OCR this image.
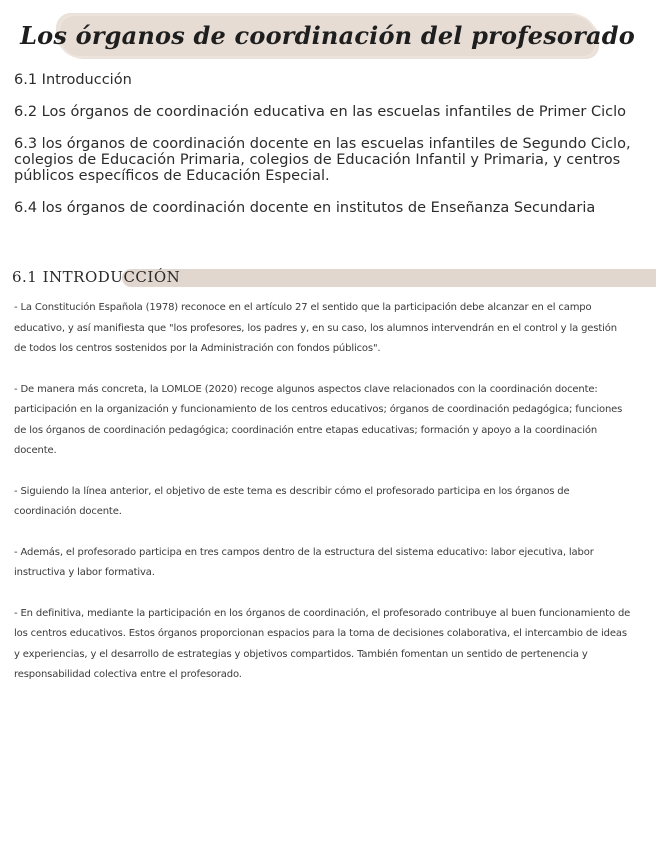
Los órganos de coordinación del profesorado
6.1 Introducción
6.2 Los órganos de coordinación educativa en las escuelas infantiles de Primer Ciclo
6.3 los órganos de coordinación docente en las escuelas infantiles de Segundo Ciclo, colegios de Educación Primaria, colegios de Educación Infantil y Primaria, y centros públicos específicos de Educación Especial.
6.4 los órganos de coordinación docente en institutos de Enseñanza Secundaria
6.1 INTRODUCCIÓN

- La Constitución Española (1978) reconoce en el artículo 27 el sentido que la participación debe alcanzar en el campo educativo, y así manifiesta que "los profesores, los padres y, en su caso, los alumnos intervendrán en el control y la gestión de todos los centros sostenidos por la Administración con fondos públicos".

- De manera más concreta, la LOMLOE (2020) recoge algunos aspectos clave relacionados con la coordinación docente: participación en la organización y funcionamiento de los centros educativos; órganos de coordinación pedagógica; funciones de los órganos de coordinación pedagógica; coordinación entre etapas educativas; formación y apoyo a la coordinación docente.

- Siguiendo la línea anterior, el objetivo de este tema es describir cómo el profesorado participa en los órganos de coordinación docente.

- Además, el profesorado participa en tres campos dentro de la estructura del sistema educativo: labor ejecutiva, labor instructiva y labor formativa.

- En definitiva, mediante la participación en los órganos de coordinación, el profesorado contribuye al buen funcionamiento de los centros educativos. Estos órganos proporcionan espacios para la toma de decisiones colaborativa, el intercambio de ideas y experiencias, y el desarrollo de estrategias y objetivos compartidos. También fomentan un sentido de pertenencia y responsabilidad colectiva entre el profesorado.
